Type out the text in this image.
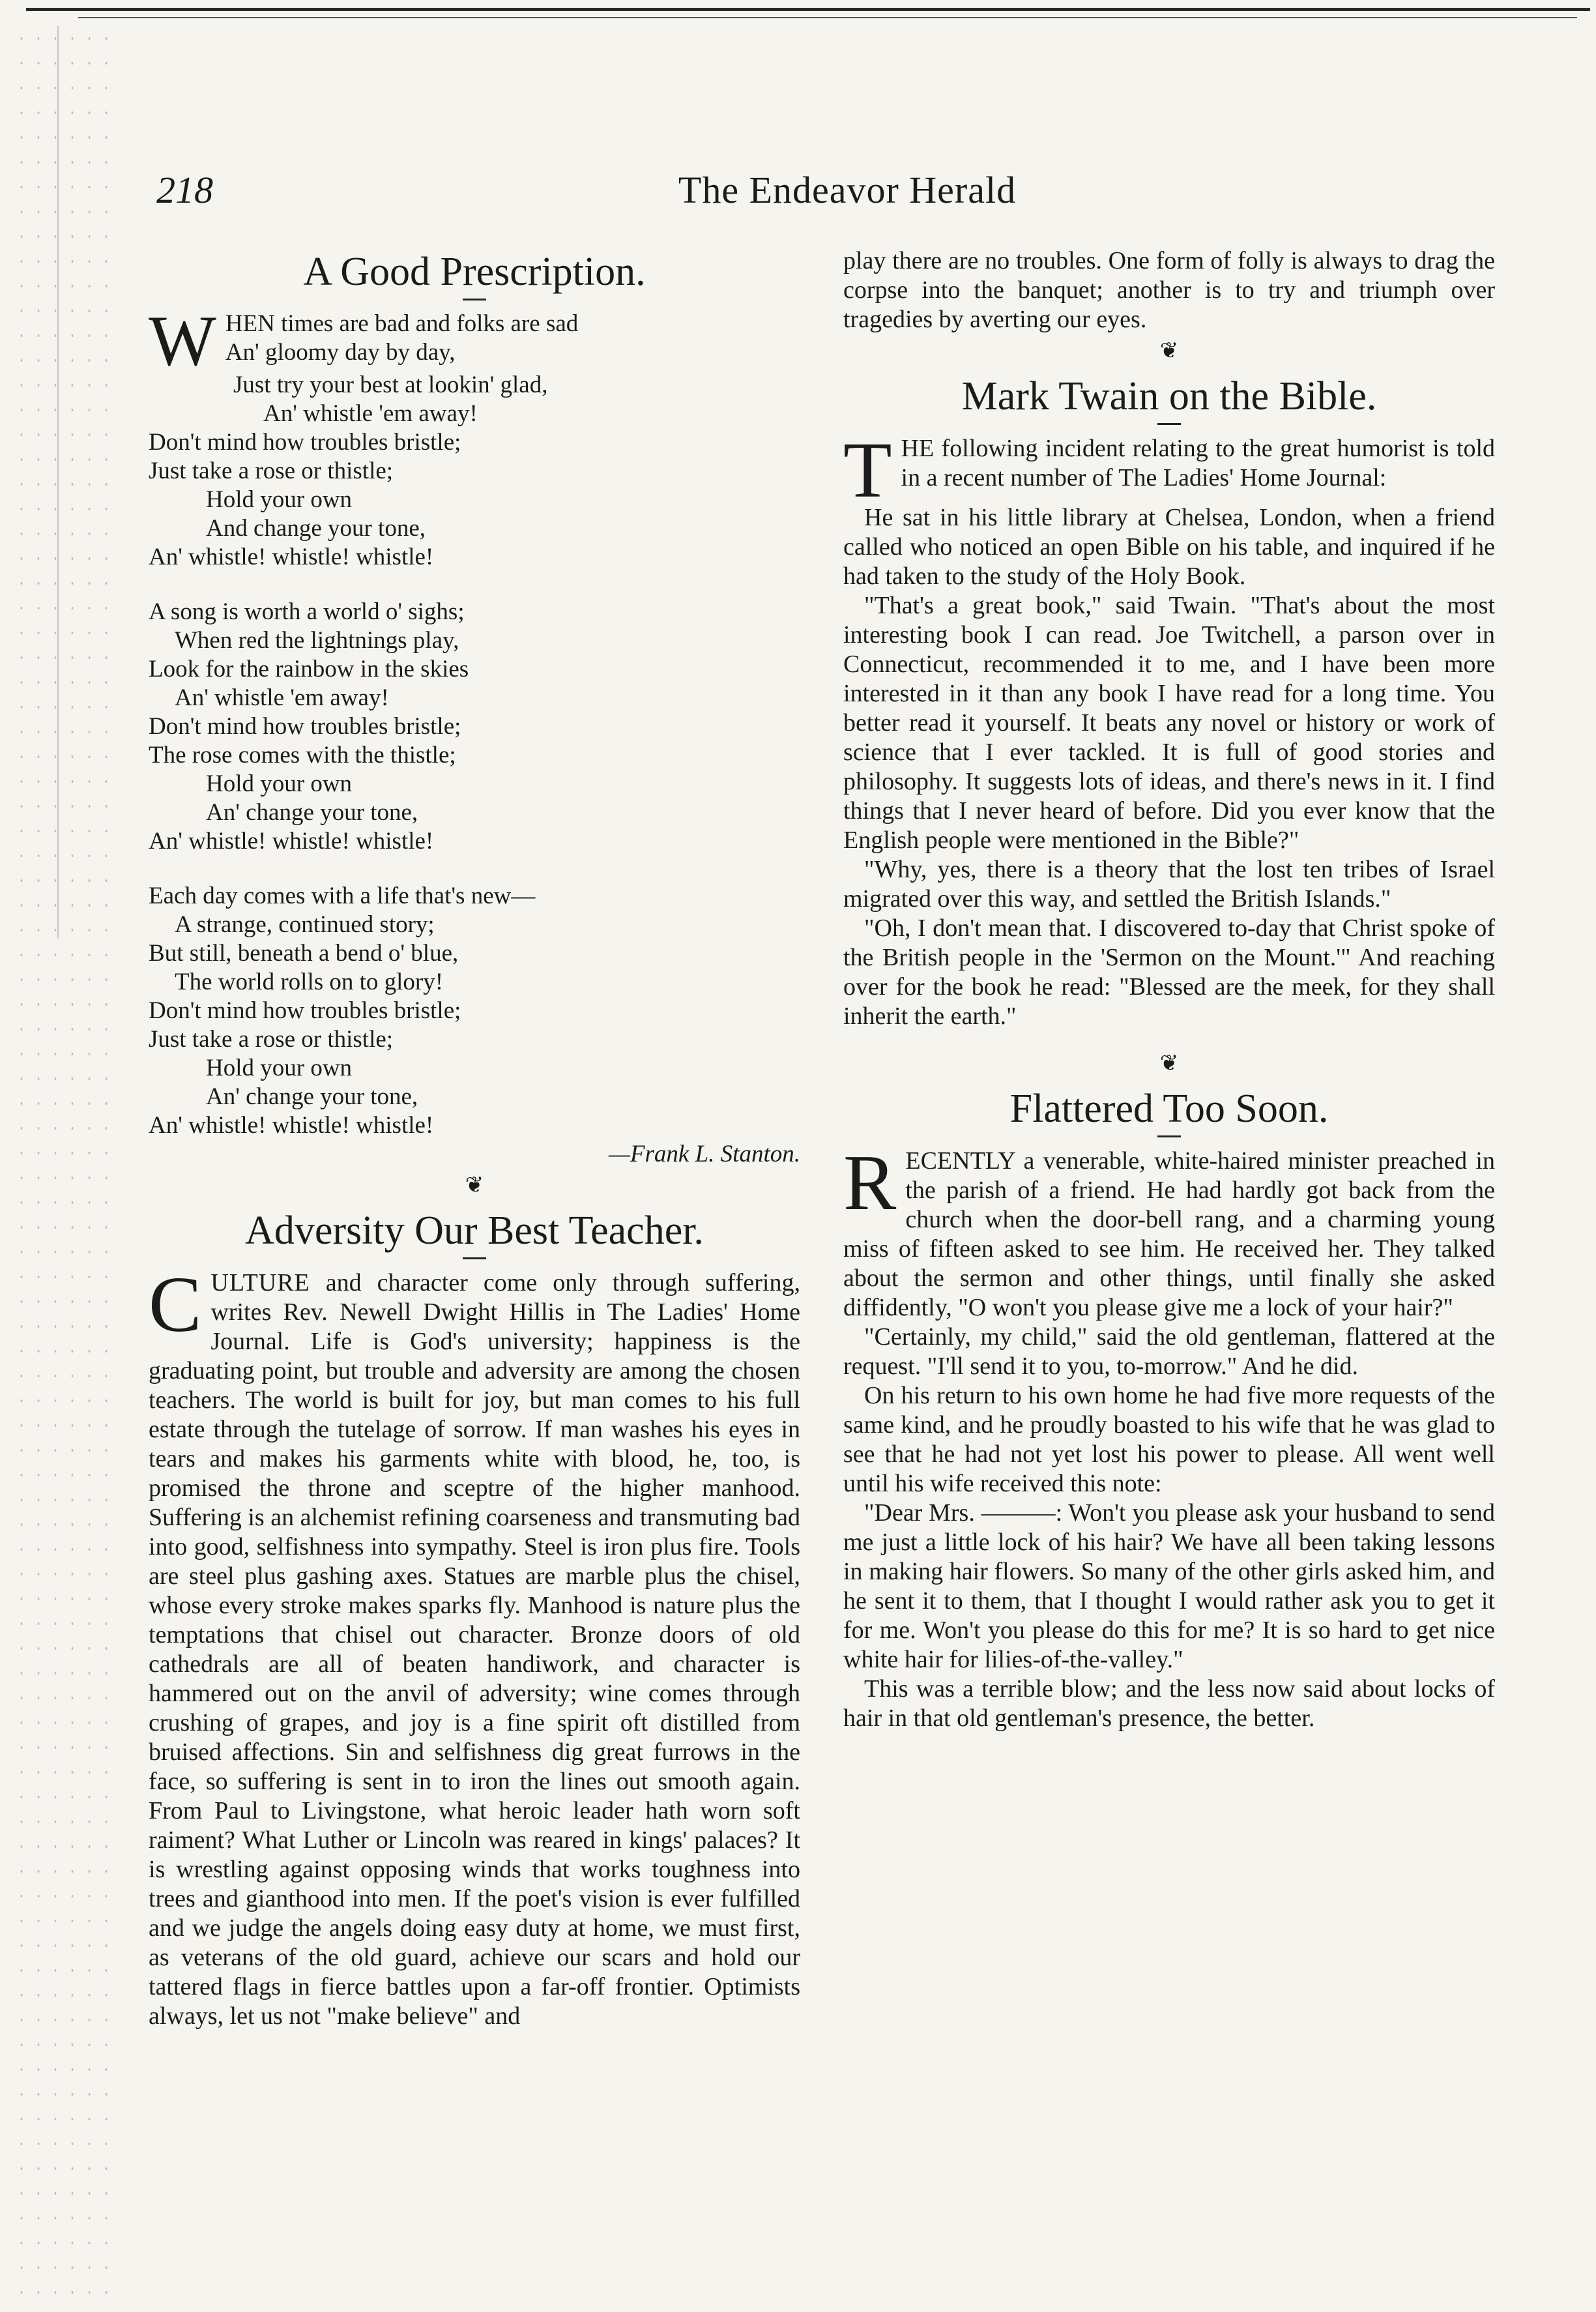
218	The Endeavor Herald
A Good Prescription.
W HEN times are bad and folks are sad
An' gloomy day by day,
Just try your best at lookin' glad,
An' whistle 'em away!
Don't mind how troubles bristle;
Just take a rose or thistle;
Hold your own
And change your tone,
An' whistle! whistle! whistle!
A song is worth a world o' sighs;
When red the lightnings play,
Look for the rainbow in the skies
An' whistle 'em away!
Don't mind how troubles bristle;
The rose comes with the thistle;
Hold your own
An' change your tone,
An' whistle! whistle! whistle!
Each day comes with a life that's new—
A strange, continued story;
But still, beneath a bend o' blue,
The world rolls on to glory!
Don't mind how troubles bristle;
Just take a rose or thistle;
Hold your own
An' change your tone,
An' whistle! whistle! whistle!
—Frank L. Stanton.
❦
Adversity Our Best Teacher.

CULTURE and character come only through suffering, writes Rev. Newell Dwight Hillis in The Ladies' Home Journal. Life is God's university; happiness is the graduating point, but trouble and adversity are among the chosen teachers. The world is built for joy, but man comes to his full estate through the tutelage of sorrow. If man washes his eyes in tears and makes his garments white with blood, he, too, is promised the throne and sceptre of the higher manhood. Suffering is an alchemist refining coarseness and transmuting bad into good, selfishness into sympathy. Steel is iron plus fire. Tools are steel plus gashing axes. Statues are marble plus the chisel, whose every stroke makes sparks fly. Manhood is nature plus the temptations that chisel out character. Bronze doors of old cathedrals are all of beaten handiwork, and character is hammered out on the anvil of adversity; wine comes through crushing of grapes, and joy is a fine spirit oft distilled from bruised affections. Sin and selfishness dig great furrows in the face, so suffering is sent in to iron the lines out smooth again. From Paul to Livingstone, what heroic leader hath worn soft raiment? What Luther or Lincoln was reared in kings' palaces? It is wrestling against opposing winds that works toughness into trees and gianthood into men. If the poet's vision is ever fulfilled and we judge the angels doing easy duty at home, we must first, as veterans of the old guard, achieve our scars and hold our tattered flags in fierce battles upon a far-off frontier. Optimists always, let us not "make believe" and

play there are no troubles. One form of folly is always to drag the corpse into the banquet; another is to try and triumph over tragedies by averting our eyes.

❦
Mark Twain on the Bible.

THE following incident relating to the great humorist is told in a recent number of The Ladies' Home Journal:

He sat in his little library at Chelsea, London, when a friend called who noticed an open Bible on his table, and inquired if he had taken to the study of the Holy Book.

"That's a great book," said Twain. "That's about the most interesting book I can read. Joe Twitchell, a parson over in Connecticut, recommended it to me, and I have been more interested in it than any book I have read for a long time. You better read it yourself. It beats any novel or history or work of science that I ever tackled. It is full of good stories and philosophy. It suggests lots of ideas, and there's news in it. I find things that I never heard of before. Did you ever know that the English people were mentioned in the Bible?"

"Why, yes, there is a theory that the lost ten tribes of Israel migrated over this way, and settled the British Islands."

"Oh, I don't mean that. I discovered to-day that Christ spoke of the British people in the 'Sermon on the Mount.'" And reaching over for the book he read: "Blessed are the meek, for they shall inherit the earth."

❦
Flattered Too Soon.

RECENTLY a venerable, white-haired minister preached in the parish of a friend. He had hardly got back from the church when the door-bell rang, and a charming young miss of fifteen asked to see him. He received her. They talked about the sermon and other things, until finally she asked diffidently, "O won't you please give me a lock of your hair?"

"Certainly, my child," said the old gentleman, flattered at the request. "I'll send it to you, to-morrow." And he did.

On his return to his own home he had five more requests of the same kind, and he proudly boasted to his wife that he was glad to see that he had not yet lost his power to please. All went well until his wife received this note:

"Dear Mrs. ———: Won't you please ask your husband to send me just a little lock of his hair? We have all been taking lessons in making hair flowers. So many of the other girls asked him, and he sent it to them, that I thought I would rather ask you to get it for me. Won't you please do this for me? It is so hard to get nice white hair for lilies-of-the-valley."

This was a terrible blow; and the less now said about locks of hair in that old gentleman's presence, the better.
